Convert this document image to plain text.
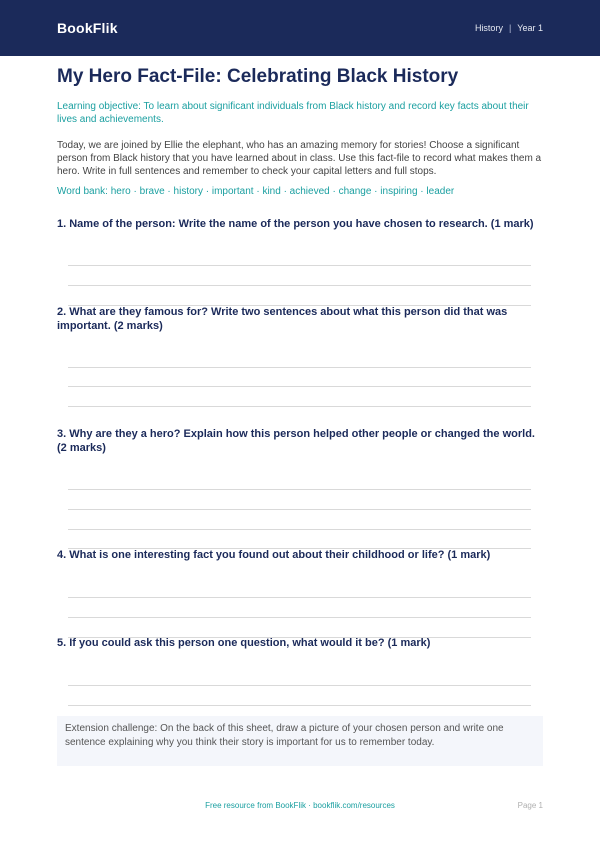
BookFlik	History | Year 1
My Hero Fact-File: Celebrating Black History
Learning objective: To learn about significant individuals from Black history and record key facts about their lives and achievements.
Today, we are joined by Ellie the elephant, who has an amazing memory for stories! Choose a significant person from Black history that you have learned about in class. Use this fact-file to record what makes them a hero. Write in full sentences and remember to check your capital letters and full stops.
Word bank: hero · brave · history · important · kind · achieved · change · inspiring · leader
1. Name of the person: Write the name of the person you have chosen to research. (1 mark)
2. What are they famous for? Write two sentences about what this person did that was important. (2 marks)
3. Why are they a hero? Explain how this person helped other people or changed the world. (2 marks)
4. What is one interesting fact you found out about their childhood or life? (1 mark)
5. If you could ask this person one question, what would it be? (1 mark)
Extension challenge: On the back of this sheet, draw a picture of your chosen person and write one sentence explaining why you think their story is important for us to remember today.
Free resource from BookFlik · bookflik.com/resources	Page 1
